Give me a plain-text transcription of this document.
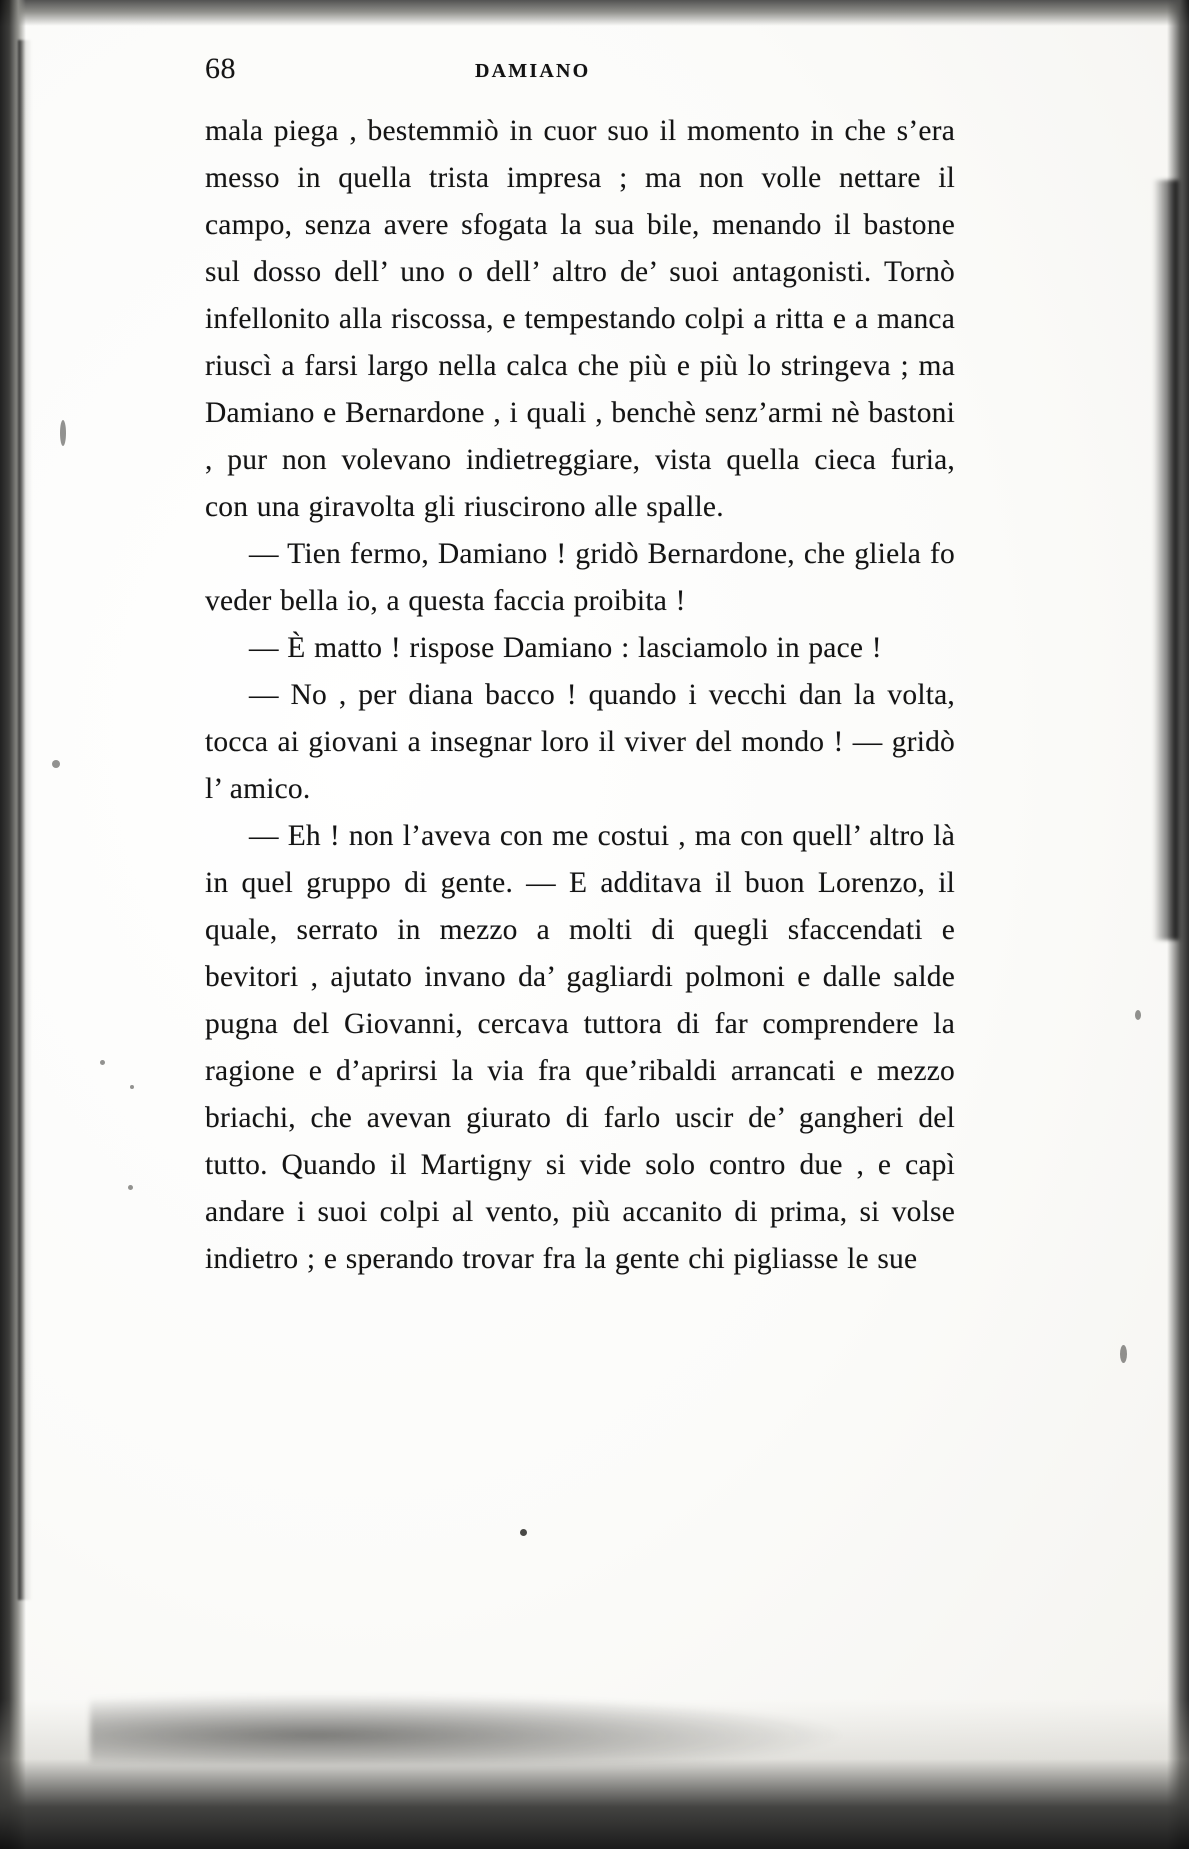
68	DAMIANO

mala piega , bestemmiò in cuor suo il momento in che s’era messo in quella trista impresa ; ma non volle nettare il campo, senza avere sfogata la sua bile, menando il bastone sul dosso dell’ uno o dell’ altro de’ suoi antagonisti. Tornò infellonito alla riscossa, e tempestando colpi a ritta e a manca riuscì a farsi largo nella calca che più e più lo stringeva ; ma Damiano e Bernardone , i quali , benchè senz’armi nè bastoni , pur non volevano indietreggiare, vista quella cieca furia, con una giravolta gli riuscirono alle spalle.

— Tien fermo, Damiano ! gridò Bernardone, che gliela fo veder bella io, a questa faccia proibita !

— È matto ! rispose Damiano : lasciamolo in pace !

— No , per diana bacco ! quando i vecchi dan la volta, tocca ai giovani a insegnar loro il viver del mondo ! — gridò l’ amico.

— Eh ! non l’aveva con me costui , ma con quell’ altro là in quel gruppo di gente. — E additava il buon Lorenzo, il quale, serrato in mezzo a molti di quegli sfaccendati e bevitori , ajutato invano da’ gagliardi polmoni e dalle salde pugna del Giovanni, cercava tuttora di far comprendere la ragione e d’aprirsi la via fra que’ribaldi arrancati e mezzo briachi, che avevan giurato di farlo uscir de’ gangheri del tutto. Quando il Martigny si vide solo contro due , e capì andare i suoi colpi al vento, più accanito di prima, si volse indietro ; e sperando trovar fra la gente chi pigliasse le sue
